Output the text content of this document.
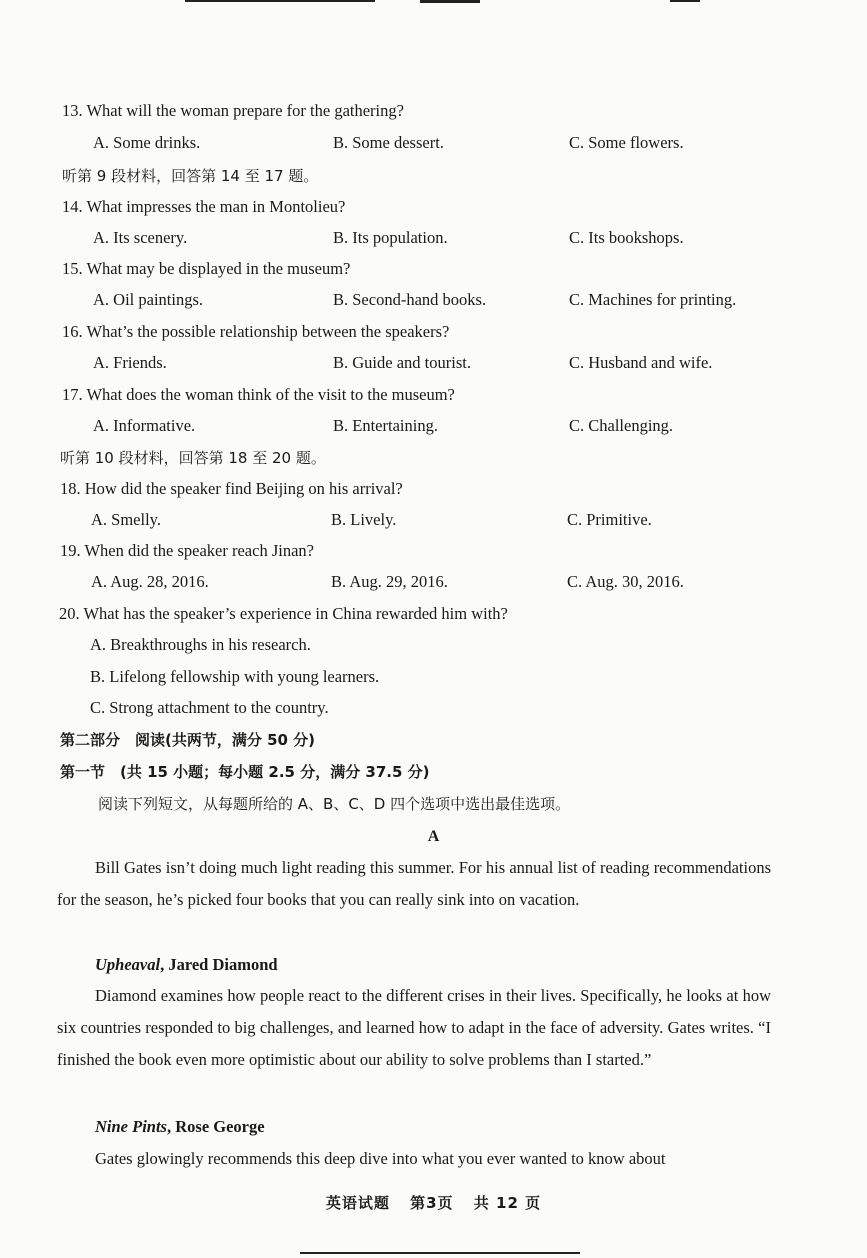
13. What will the woman prepare for the gathering?
A. Some drinks.	B. Some dessert.	C. Some flowers.
听第 9 段材料，回答第 14 至 17 题。
14. What impresses the man in Montolieu?
A. Its scenery.	B. Its population.	C. Its bookshops.
15. What may be displayed in the museum?
A. Oil paintings.	B. Second-hand books.	C. Machines for printing.
16. What’s the possible relationship between the speakers?
A. Friends.	B. Guide and tourist.	C. Husband and wife.
17. What does the woman think of the visit to the museum?
A. Informative.	B. Entertaining.	C. Challenging.
听第 10 段材料，回答第 18 至 20 题。
18. How did the speaker find Beijing on his arrival?
A. Smelly.	B. Lively.	C. Primitive.
19. When did the speaker reach Jinan?
A. Aug. 28, 2016.	B. Aug. 29, 2016.	C. Aug. 30, 2016.
20. What has the speaker’s experience in China rewarded him with?
A. Breakthroughs in his research.
B. Lifelong fellowship with young learners.
C. Strong attachment to the country.
第二部分　阅读(共两节，满分 50 分)
第一节　(共 15 小题；每小题 2.5 分，满分 37.5 分)
阅读下列短文，从每题所给的 A、B、C、D 四个选项中选出最佳选项。
A
Bill Gates isn’t doing much light reading this summer. For his annual list of reading recommendations for the season, he’s picked four books that you can really sink into on vacation.
Upheaval, Jared Diamond
Diamond examines how people react to the different crises in their lives. Specifically, he looks at how six countries responded to big challenges, and learned how to adapt in the face of adversity. Gates writes. “I finished the book even more optimistic about our ability to solve problems than I started.”
Nine Pints, Rose George
Gates glowingly recommends this deep dive into what you ever wanted to know about
英语试题 第3页 共 12 页
